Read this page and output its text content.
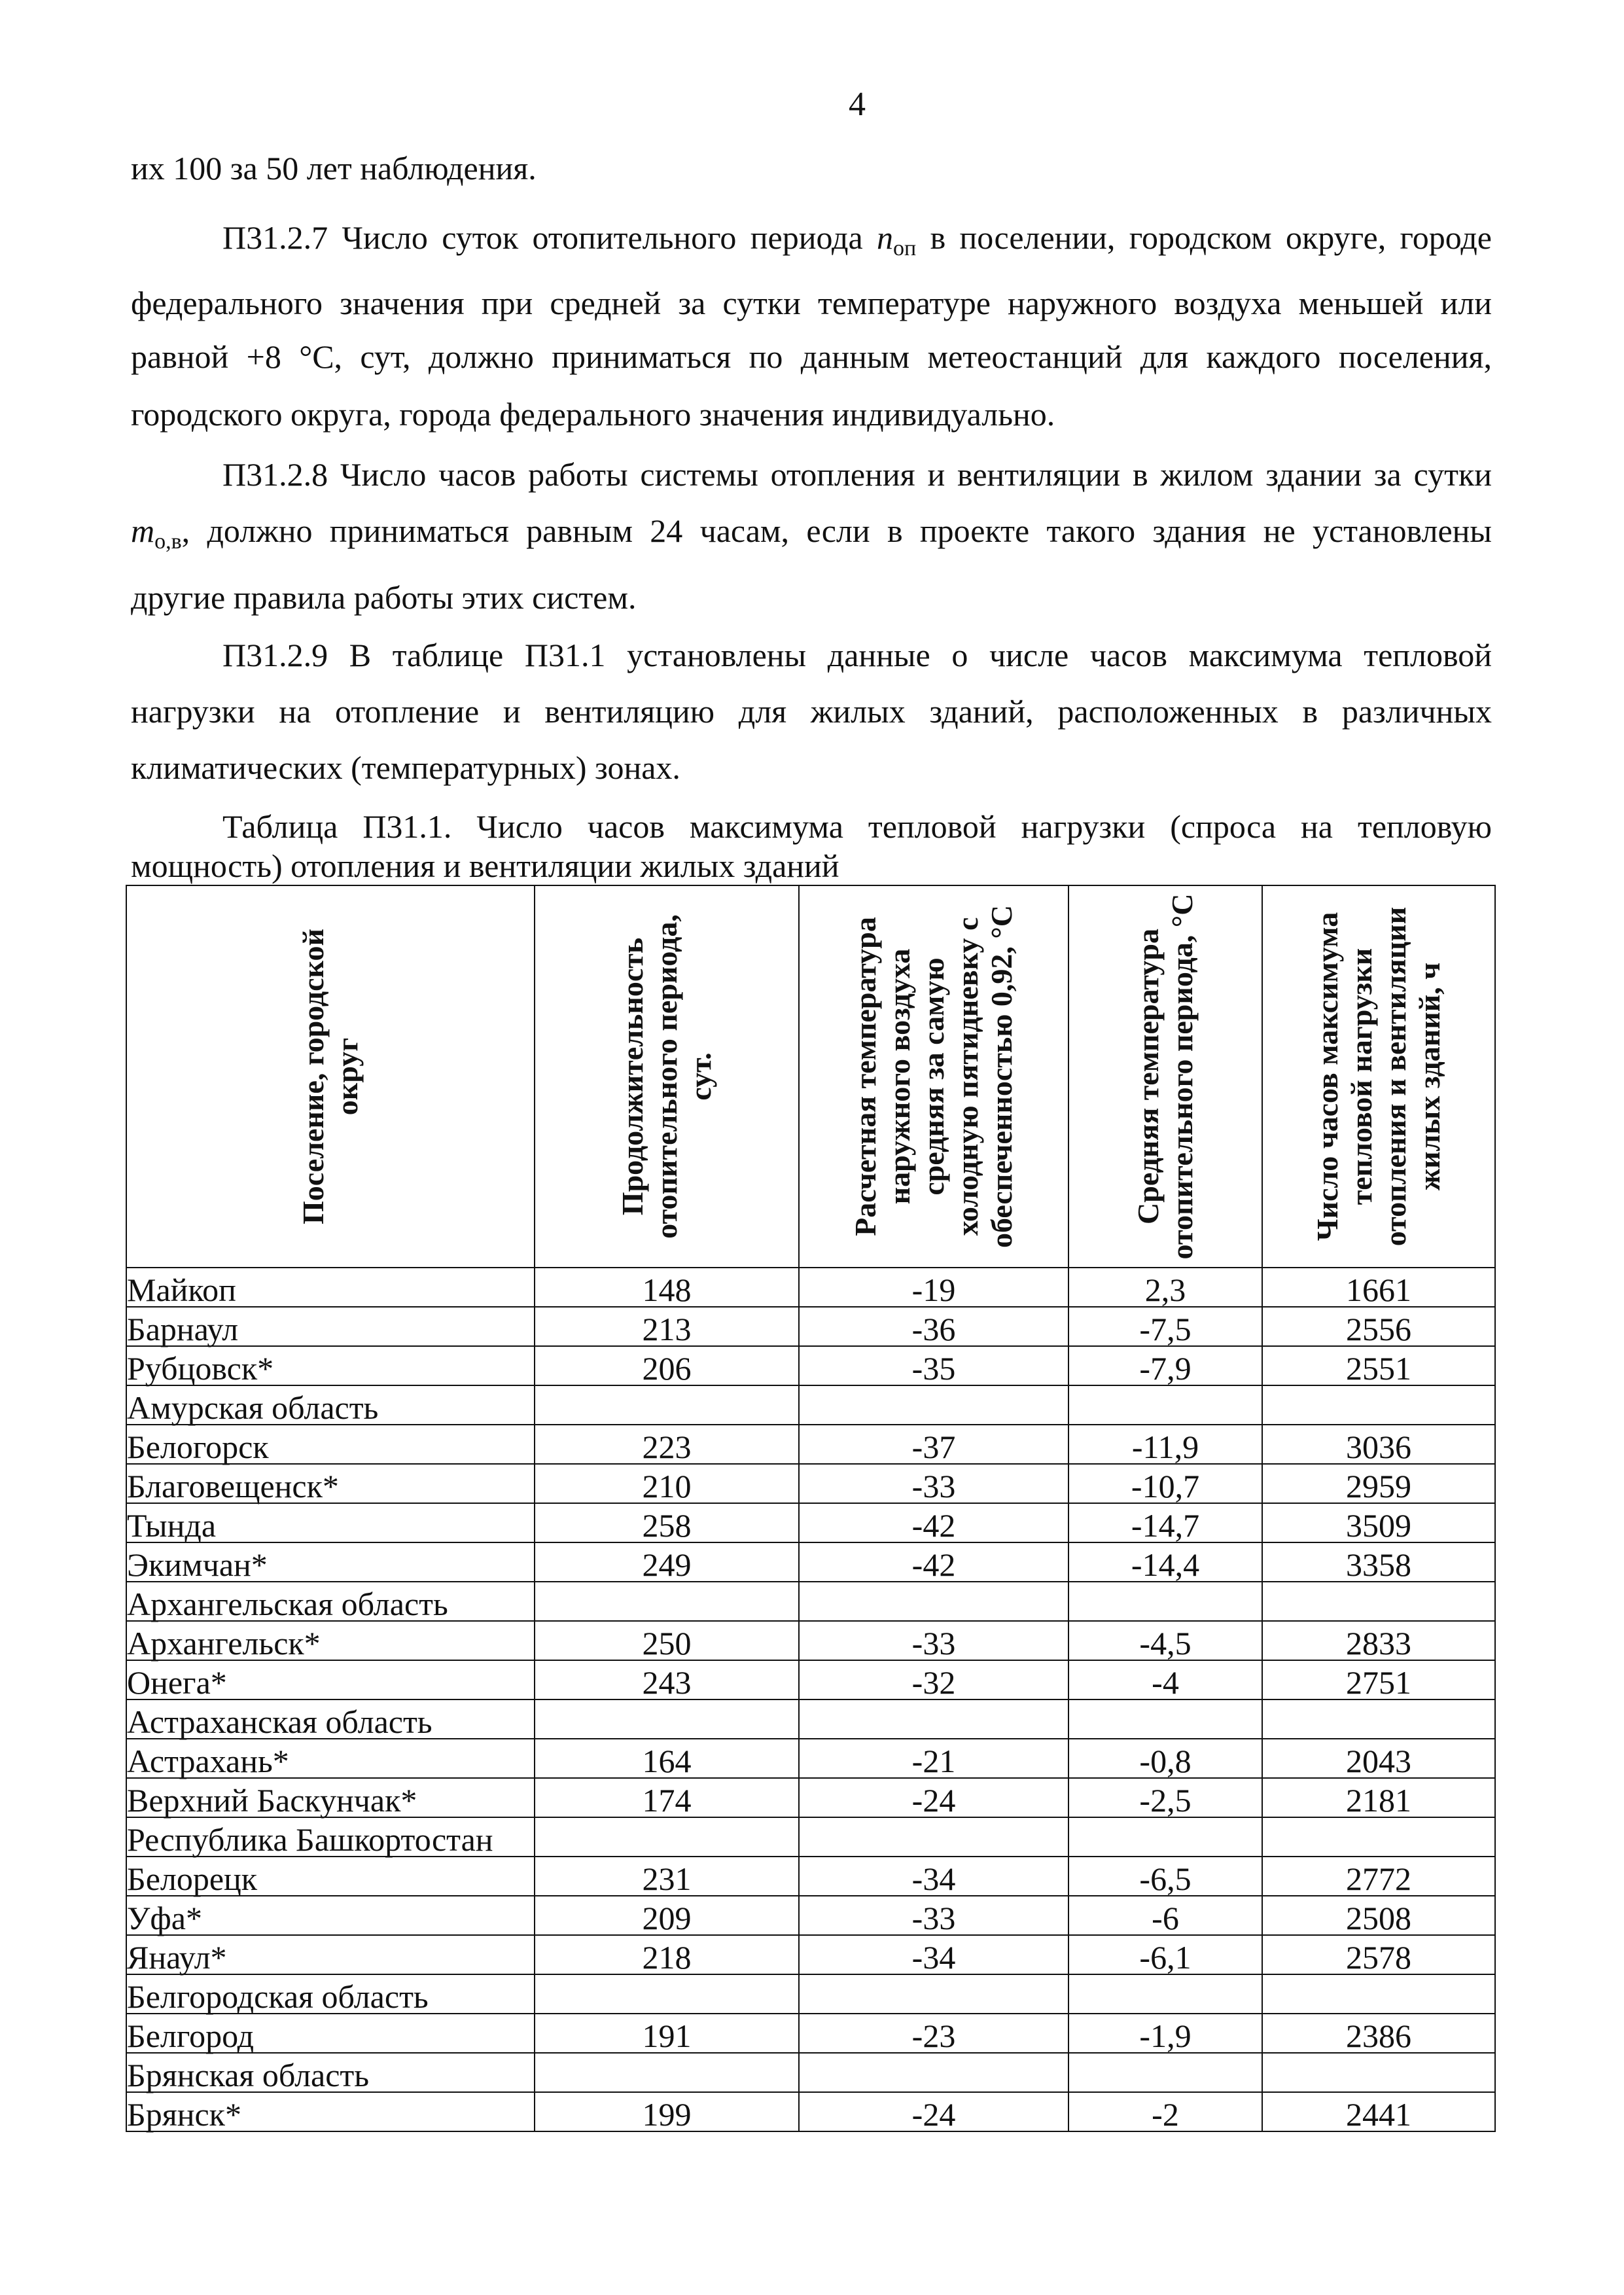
4
их 100 за 50 лет наблюдения.
П31.2.7 Число суток отопительного периода $n_{оп}$ в поселении, городском округе, городе
федерального значения при средней за сутки температуре наружного воздуха меньшей или
равной +8 °С, сут, должно приниматься по данным метеостанций для каждого поселения,
городского округа, города федерального значения индивидуально.
П31.2.8 Число часов работы системы отопления и вентиляции в жилом здании за сутки
$m_{о,в}$, должно приниматься равным 24 часам, если в проекте такого здания не установлены
другие правила работы этих систем.
П31.2.9 В таблице П31.1 установлены данные о числе часов максимума тепловой
нагрузки на отопление и вентиляцию для жилых зданий, расположенных в различных
климатических (температурных) зонах.
Таблица П31.1. Число часов максимума тепловой нагрузки (спроса на тепловую
мощность) отопления и вентиляции жилых зданий
Поселение, городской округ	Продолжительность отопительного периода, сут.	Расчетная температура наружного воздуха средняя за самую холодную пятидневку с обеспеченностью 0,92, °С	Средняя температура отопительного периода, °С	Число часов максимума тепловой нагрузки отопления и вентиляции жилых зданий, ч

Майкоп	148	-19	2,3	1661
Барнаул	213	-36	-7,5	2556
Рубцовск*	206	-35	-7,9	2551
Амурская область				
Белогорск	223	-37	-11,9	3036
Благовещенск*	210	-33	-10,7	2959
Тында	258	-42	-14,7	3509
Экимчан*	249	-42	-14,4	3358
Архангельская область				
Архангельск*	250	-33	-4,5	2833
Онега*	243	-32	-4	2751
Астраханская область				
Астрахань*	164	-21	-0,8	2043
Верхний Баскунчак*	174	-24	-2,5	2181
Республика Башкортостан				
Белорецк	231	-34	-6,5	2772
Уфа*	209	-33	-6	2508
Янаул*	218	-34	-6,1	2578
Белгородская область				
Белгород	191	-23	-1,9	2386
Брянская область				
Брянск*	199	-24	-2	2441
